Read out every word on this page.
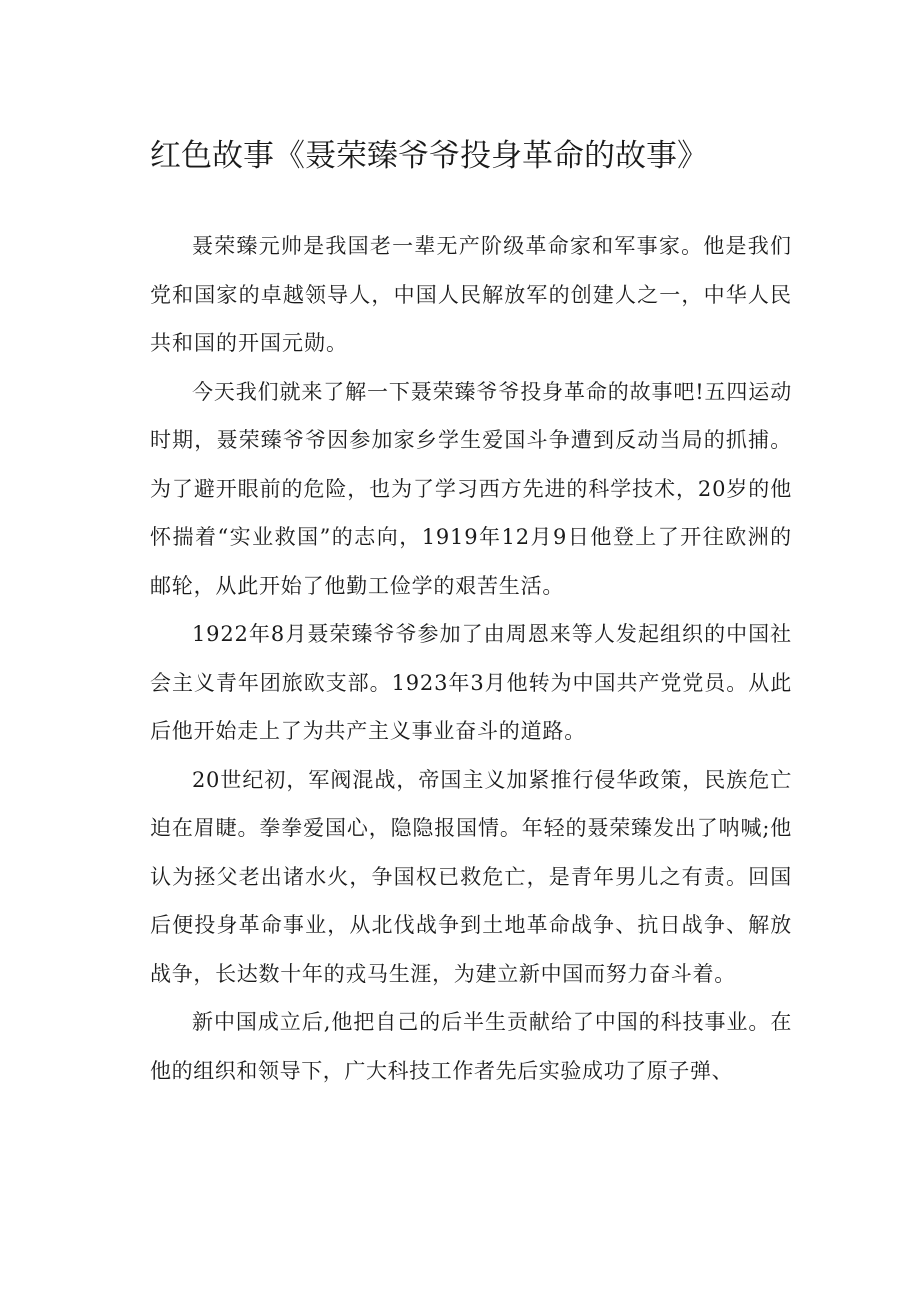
红色故事《聂荣臻爷爷投身革命的故事》

聂荣臻元帅是我国老一辈无产阶级革命家和军事家。他是我们党和国家的卓越领导人，中国人民解放军的创建人之一，中华人民共和国的开国元勋。

今天我们就来了解一下聂荣臻爷爷投身革命的故事吧!五四运动时期，聂荣臻爷爷因参加家乡学生爱国斗争遭到反动当局的抓捕。为了避开眼前的危险，也为了学习西方先进的科学技术，20岁的他怀揣着“实业救国”的志向，1919年12月9日他登上了开往欧洲的邮轮，从此开始了他勤工俭学的艰苦生活。

1922年8月聂荣臻爷爷参加了由周恩来等人发起组织的中国社会主义青年团旅欧支部。1923年3月他转为中国共产党党员。从此后他开始走上了为共产主义事业奋斗的道路。

20世纪初，军阀混战，帝国主义加紧推行侵华政策，民族危亡迫在眉睫。拳拳爱国心，隐隐报国情。年轻的聂荣臻发出了呐喊;他认为拯父老出诸水火，争国权已救危亡，是青年男儿之有责。回国后便投身革命事业，从北伐战争到土地革命战争、抗日战争、解放战争，长达数十年的戎马生涯，为建立新中国而努力奋斗着。

新中国成立后,他把自己的后半生贡献给了中国的科技事业。在他的组织和领导下，广大科技工作者先后实验成功了原子弹、
